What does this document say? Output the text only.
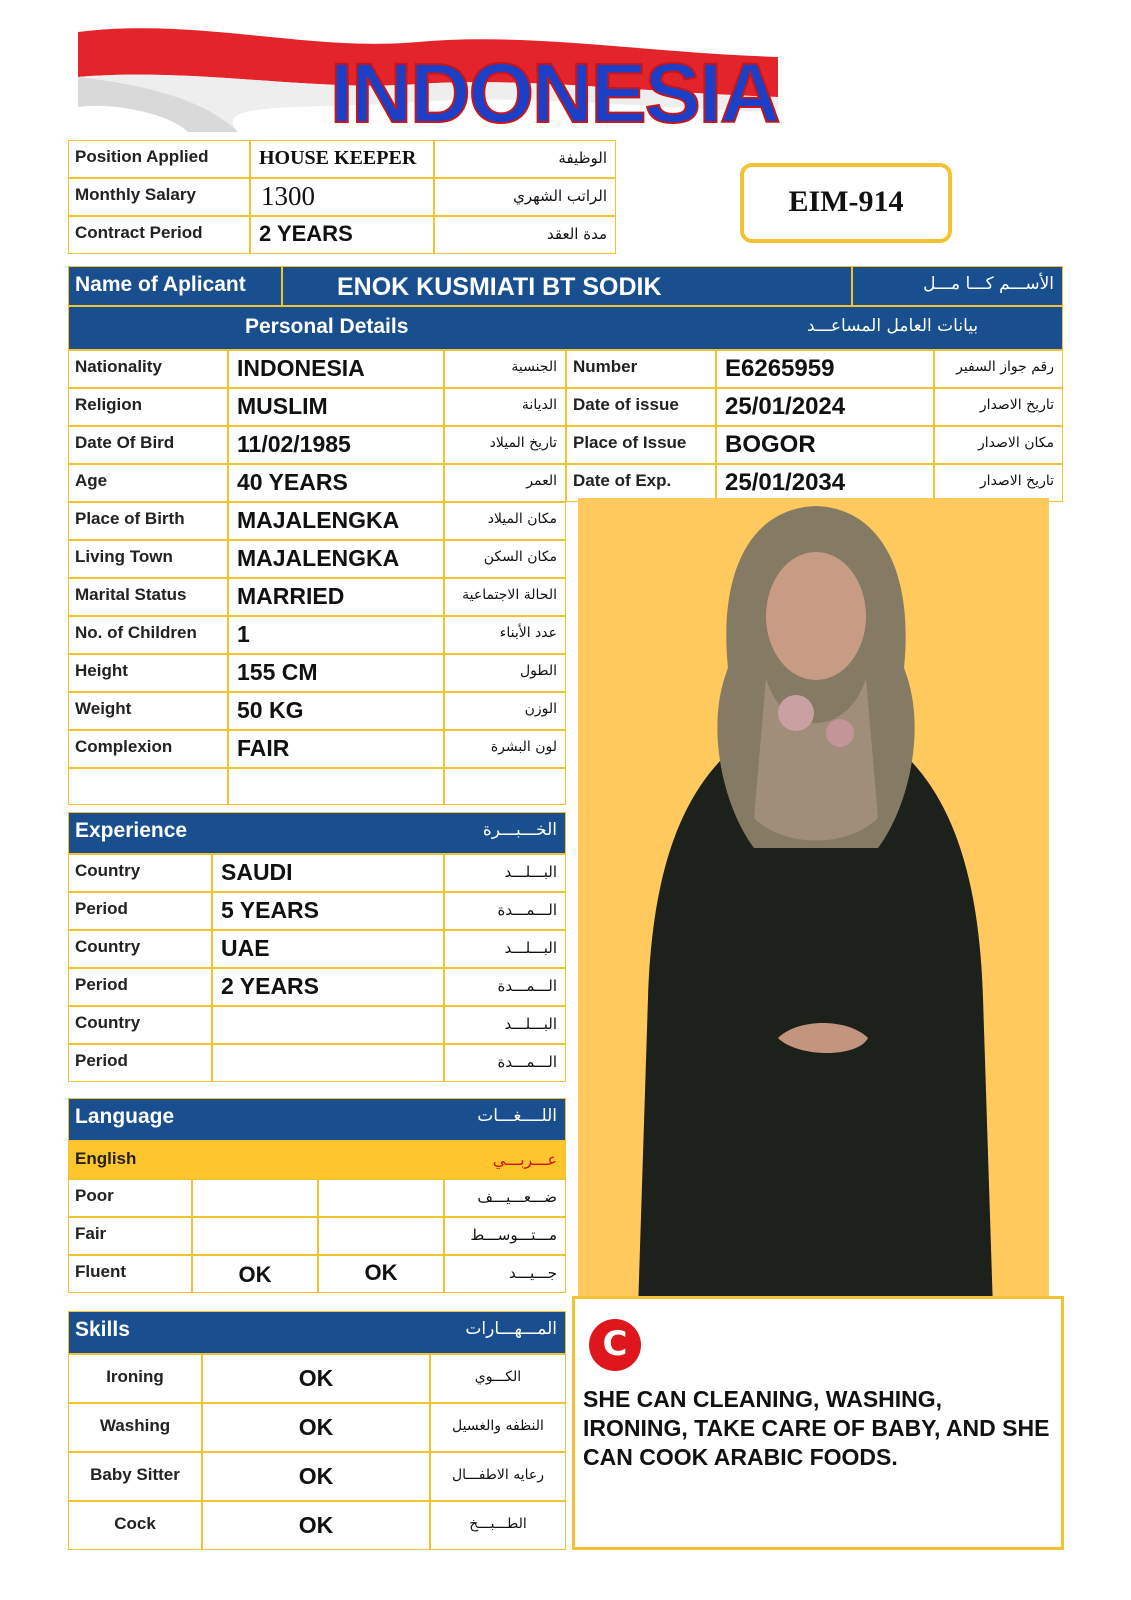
INDONESIA
Position Applied	HOUSE KEEPER	الوظيفة
Monthly Salary	1300	الراتب الشهري
Contract Period	2 YEARS	مدة العقد
EIM-914
Name of Aplicant	ENOK KUSMIATI BT SODIK	الأســـم كـــا مـــل
Personal Details	بيانات العامل المساعـــد
Nationality	INDONESIA	الجنسية
Religion	MUSLIM	الديانة
Date Of Bird	11/02/1985	تاريخ الميلاد
Age	40 YEARS	العمر
Place of Birth	MAJALENGKA	مكان الميلاد
Living Town	MAJALENGKA	مكان السكن
Marital Status	MARRIED	الحالة الاجتماعية
No. of Children	1	عدد الأبناء
Height	155 CM	الطول
Weight	50 KG	الوزن
Complexion	FAIR	لون البشرة
Number	E6265959	رقم جواز السفير
Date of issue	25/01/2024	تاريخ الاصدار
Place of Issue	BOGOR	مكان الاصدار
Date of Exp.	25/01/2034	تاريخ الاصدار
Experience	الخـــبـــرة
Country	SAUDI	البـــلـــد
Period	5 YEARS	الـــمـــدة
Country	UAE	البـــلـــد
Period	2 YEARS	الـــمـــدة
Country	البـــلـــد
Period	الـــمـــدة
Language	اللــــغـــات
English	عـــربـــي
Poor	ضـــعـــيـــف
Fair	مـــتـــوســـط
Fluent	OK	OK	جـــيـــد
Skills	المـــهـــارات
Ironing	OK	الكـــوي
Washing	OK	النظفه والغسيل
Baby Sitter	OK	رعايه الاطفـــال
Cock	OK	الطـــبـــخ
C
SHE CAN CLEANING, WASHING, IRONING, TAKE CARE OF BABY, AND SHE CAN COOK ARABIC FOODS.
